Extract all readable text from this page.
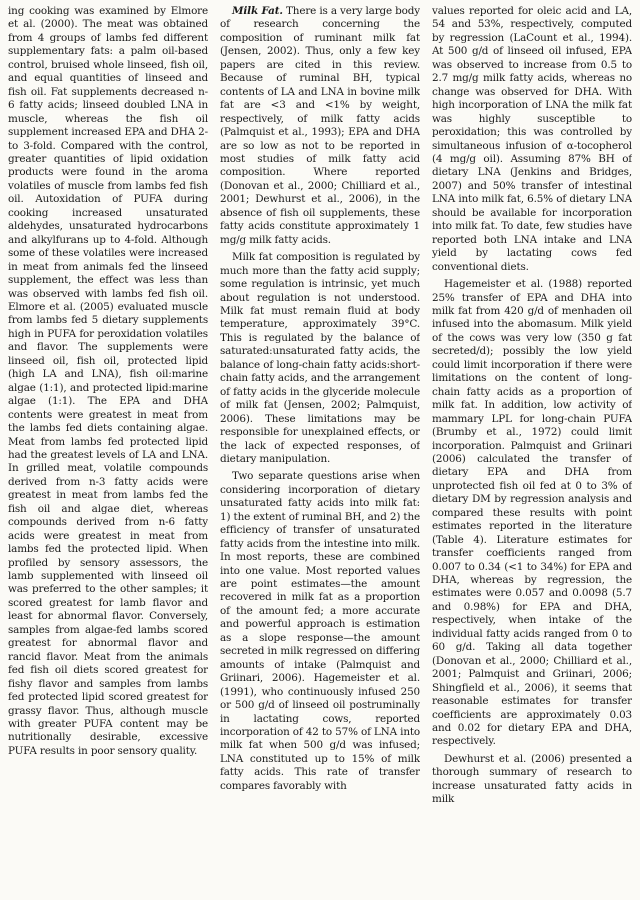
ing cooking was examined by Elmore et al. (2000). The meat was obtained from 4 groups of lambs fed different supplementary fats: a palm oil-based control, bruised whole linseed, fish oil, and equal quantities of linseed and fish oil. Fat supplements decreased n-6 fatty acids; linseed doubled LNA in muscle, whereas the fish oil supplement increased EPA and DHA 2- to 3-fold. Compared with the control, greater quantities of lipid oxidation products were found in the aroma volatiles of muscle from lambs fed fish oil. Autoxidation of PUFA during cooking increased unsaturated aldehydes, unsaturated hydrocarbons and alkylfurans up to 4-fold. Although some of these volatiles were increased in meat from animals fed the linseed supplement, the effect was less than was observed with lambs fed fish oil. Elmore et al. (2005) evaluated muscle from lambs fed 5 dietary supplements high in PUFA for peroxidation volatiles and flavor. The supplements were linseed oil, fish oil, protected lipid (high LA and LNA), fish oil:marine algae (1:1), and protected lipid:marine algae (1:1). The EPA and DHA contents were greatest in meat from the lambs fed diets containing algae. Meat from lambs fed protected lipid had the greatest levels of LA and LNA. In grilled meat, volatile compounds derived from n-3 fatty acids were greatest in meat from lambs fed the fish oil and algae diet, whereas compounds derived from n-6 fatty acids were greatest in meat from lambs fed the protected lipid. When profiled by sensory assessors, the lamb supplemented with linseed oil was preferred to the other samples; it scored greatest for lamb flavor and least for abnormal flavor. Conversely, samples from algae-fed lambs scored greatest for abnormal flavor and rancid flavor. Meat from the animals fed fish oil diets scored greatest for fishy flavor and samples from lambs fed protected lipid scored greatest for grassy flavor. Thus, although muscle with greater PUFA content may be nutritionally desirable, excessive PUFA results in poor sensory quality.

Milk Fat. There is a very large body of research concerning the composition of ruminant milk fat (Jensen, 2002). Thus, only a few key papers are cited in this review. Because of ruminal BH, typical contents of LA and LNA in bovine milk fat are <3 and <1% by weight, respectively, of milk fatty acids (Palmquist et al., 1993); EPA and DHA are so low as not to be reported in most studies of milk fatty acid composition. Where reported (Donovan et al., 2000; Chilliard et al., 2001; Dewhurst et al., 2006), in the absence of fish oil supplements, these fatty acids constitute approximately 1 mg/g milk fatty acids.

Milk fat composition is regulated by much more than the fatty acid supply; some regulation is intrinsic, yet much about regulation is not understood. Milk fat must remain fluid at body temperature, approximately 39°C. This is regulated by the balance of saturated:unsaturated fatty acids, the balance of long-chain fatty acids:short-chain fatty acids, and the arrangement of fatty acids in the glyceride molecule of milk fat (Jensen, 2002; Palmquist, 2006). These limitations may be responsible for unexplained effects, or the lack of expected responses, of dietary manipulation.

Two separate questions arise when considering incorporation of dietary unsaturated fatty acids into milk fat: 1) the extent of ruminal BH, and 2) the efficiency of transfer of unsaturated fatty acids from the intestine into milk. In most reports, these are combined into one value. Most reported values are point estimates—the amount recovered in milk fat as a proportion of the amount fed; a more accurate and powerful approach is estimation as a slope response—the amount secreted in milk regressed on differing amounts of intake (Palmquist and Griinari, 2006). Hagemeister et al. (1991), who continuously infused 250 or 500 g/d of linseed oil postruminally in lactating cows, reported incorporation of 42 to 57% of LNA into milk fat when 500 g/d was infused; LNA constituted up to 15% of milk fatty acids. This rate of transfer compares favorably with

values reported for oleic acid and LA, 54 and 53%, respectively, computed by regression (LaCount et al., 1994). At 500 g/d of linseed oil infused, EPA was observed to increase from 0.5 to 2.7 mg/g milk fatty acids, whereas no change was observed for DHA. With high incorporation of LNA the milk fat was highly susceptible to peroxidation; this was controlled by simultaneous infusion of α-tocopherol (4 mg/g oil). Assuming 87% BH of dietary LNA (Jenkins and Bridges, 2007) and 50% transfer of intestinal LNA into milk fat, 6.5% of dietary LNA should be available for incorporation into milk fat. To date, few studies have reported both LNA intake and LNA yield by lactating cows fed conventional diets.

Hagemeister et al. (1988) reported 25% transfer of EPA and DHA into milk fat from 420 g/d of menhaden oil infused into the abomasum. Milk yield of the cows was very low (350 g fat secreted/d); possibly the low yield could limit incorporation if there were limitations on the content of long-chain fatty acids as a proportion of milk fat. In addition, low activity of mammary LPL for long-chain PUFA (Brumby et al., 1972) could limit incorporation. Palmquist and Griinari (2006) calculated the transfer of dietary EPA and DHA from unprotected fish oil fed at 0 to 3% of dietary DM by regression analysis and compared these results with point estimates reported in the literature (Table 4). Literature estimates for transfer coefficients ranged from 0.007 to 0.34 (<1 to 34%) for EPA and DHA, whereas by regression, the estimates were 0.057 and 0.0098 (5.7 and 0.98%) for EPA and DHA, respectively, when intake of the individual fatty acids ranged from 0 to 60 g/d. Taking all data together (Donovan et al., 2000; Chilliard et al., 2001; Palmquist and Griinari, 2006; Shingfield et al., 2006), it seems that reasonable estimates for transfer coefficients are approximately 0.03 and 0.02 for dietary EPA and DHA, respectively.

Dewhurst et al. (2006) presented a thorough summary of research to increase unsaturated fatty acids in milk
